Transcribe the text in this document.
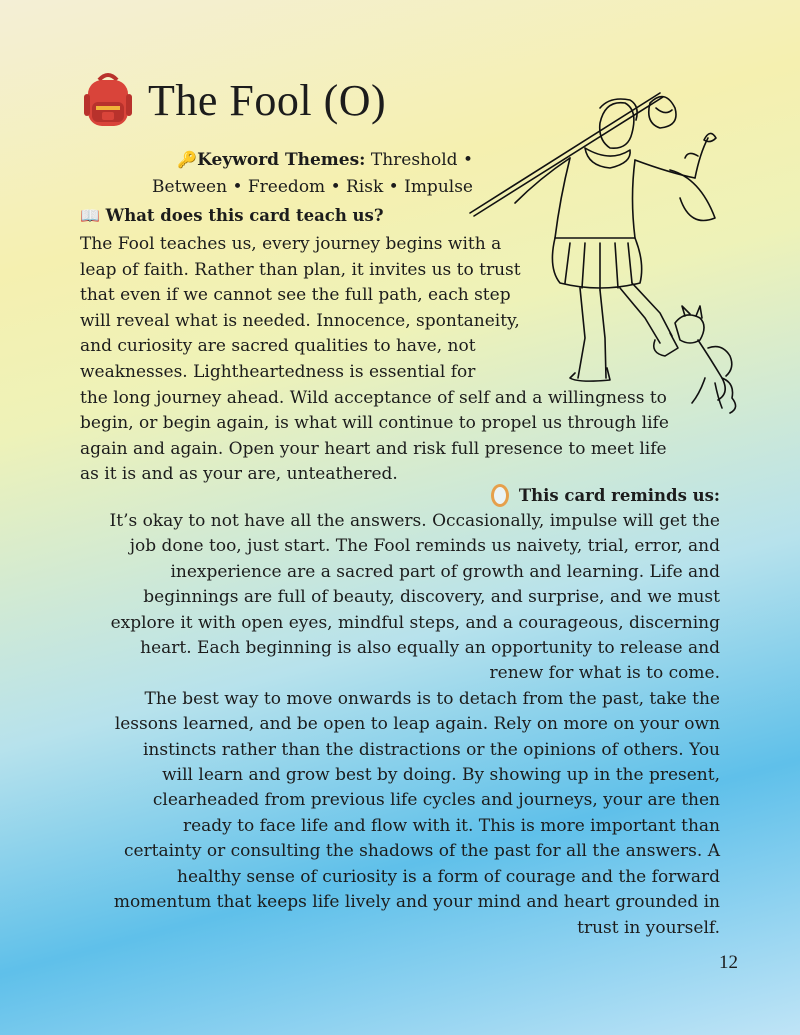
The Fool (O)
🔑Keyword Themes: Threshold •
Between • Freedom • Risk • Impulse
📖 What does this card teach us?
The Fool teaches us, every journey begins with a
leap of faith. Rather than plan, it invites us to trust
that even if we cannot see the full path, each step
will reveal what is needed. Innocence, spontaneity,
and curiosity are sacred qualities to have, not
weaknesses. Lightheartedness is essential for
the long journey ahead. Wild acceptance of self and a willingness to
begin, or begin again, is what will continue to propel us through life
again and again. Open your heart and risk full presence to meet life
as it is and as your are, unteathered.
This card reminds us:
It’s okay to not have all the answers. Occasionally, impulse will get the
job done too, just start. The Fool reminds us naivety, trial, error, and
inexperience are a sacred part of growth and learning. Life and
beginnings are full of beauty, discovery, and surprise, and we must
explore it with open eyes, mindful steps, and a courageous, discerning
heart. Each beginning is also equally an opportunity to release and
renew for what is to come.
The best way to move onwards is to detach from the past, take the
lessons learned, and be open to leap again. Rely on more on your own
instincts rather than the distractions or the opinions of others. You
will learn and grow best by doing. By showing up in the present,
clearheaded from previous life cycles and journeys, your are then
ready to face life and flow with it. This is more important than
certainty or consulting the shadows of the past for all the answers. A
healthy sense of curiosity is a form of courage and the forward
momentum that keeps life lively and your mind and heart grounded in
trust in yourself.
12
